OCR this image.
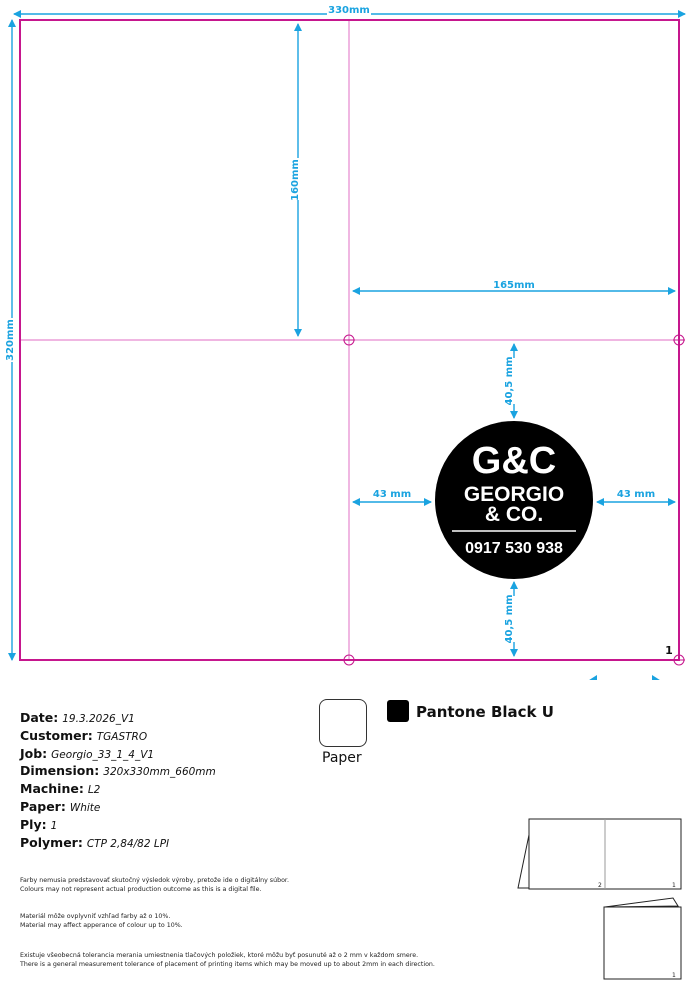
330mm
320mm
160mm
165mm
40,5 mm
40,5 mm
43 mm	43 mm
G&C
GEORGIO
& CO.
0917 530 938
1
Date: 19.3.2026_V1
Customer: TGASTRO
Job: Georgio_33_1_4_V1
Dimension: 320x330mm_660mm
Machine: L2
Paper: White
Ply: 1
Polymer: CTP 2,84/82 LPI
Paper
Pantone Black U
Farby nemusia predstavovať skutočný výsledok výroby, pretože ide o digitálny súbor.
Colours may not represent actual production outcome as this is a digital file.
Materiál môže ovplyvniť vzhľad farby až o 10%.
Material may affect apperance of colour up to 10%.
Existuje všeobecná tolerancia merania umiestnenia tlačových položiek, ktoré môžu byť posunuté až o 2 mm v každom smere.
There is a general measurement tolerance of placement of printing items which may be moved up to about 2mm in each direction.
2	1
1
